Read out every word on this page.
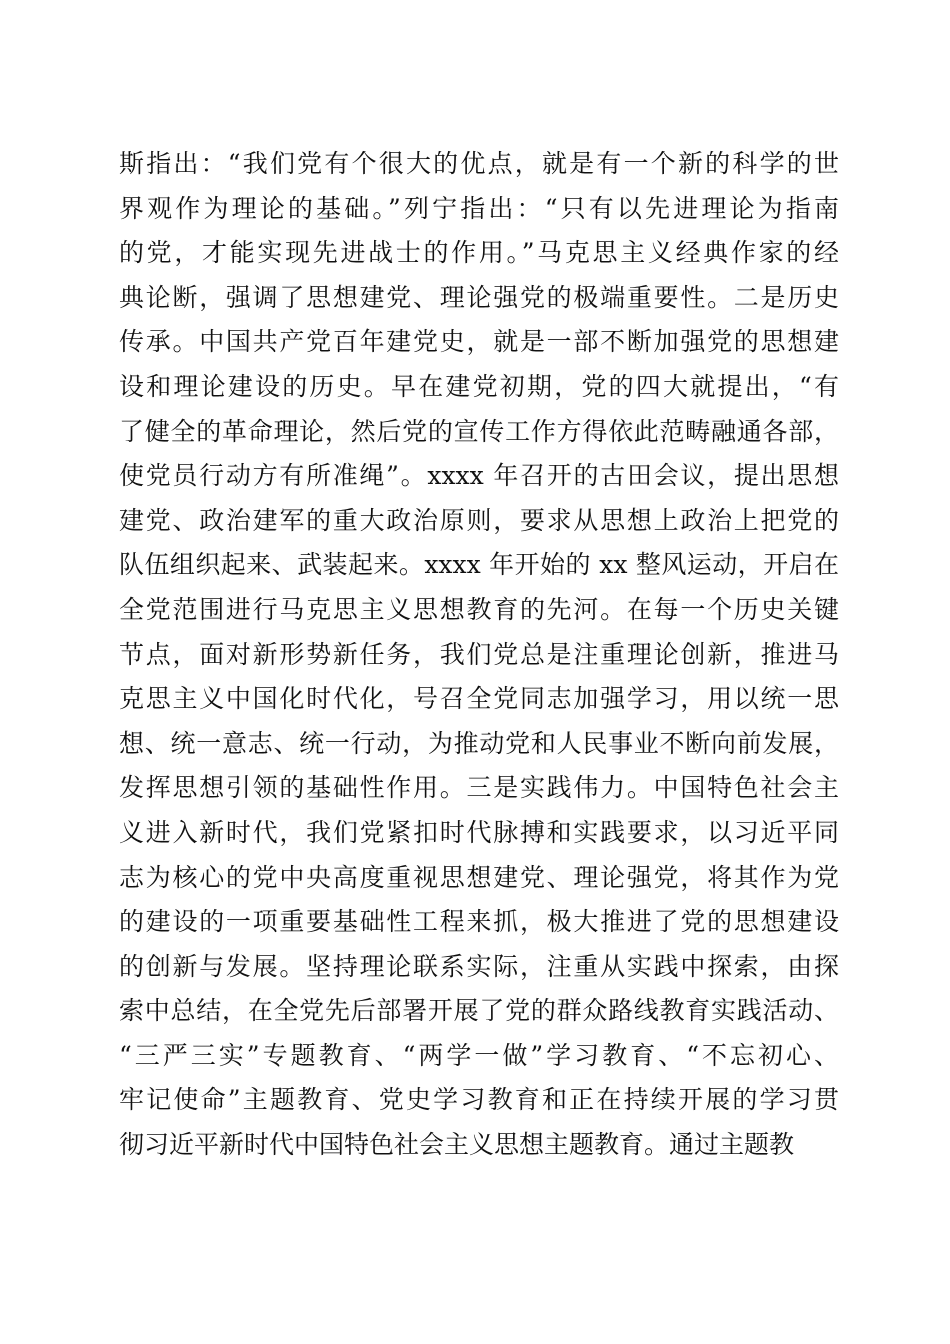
斯指出：“我们党有个很大的优点，就是有一个新的科学的世
界观作为理论的基础。”列宁指出：“只有以先进理论为指南
的党，才能实现先进战士的作用。”马克思主义经典作家的经
典论断，强调了思想建党、理论强党的极端重要性。二是历史
传承。中国共产党百年建党史，就是一部不断加强党的思想建
设和理论建设的历史。早在建党初期，党的四大就提出，“有
了健全的革命理论，然后党的宣传工作方得依此范畴融通各部，
使党员行动方有所准绳”。xxxx 年召开的古田会议，提出思想
建党、政治建军的重大政治原则，要求从思想上政治上把党的
队伍组织起来、武装起来。xxxx 年开始的 xx 整风运动，开启在
全党范围进行马克思主义思想教育的先河。在每一个历史关键
节点，面对新形势新任务，我们党总是注重理论创新，推进马
克思主义中国化时代化，号召全党同志加强学习，用以统一思
想、统一意志、统一行动，为推动党和人民事业不断向前发展，
发挥思想引领的基础性作用。三是实践伟力。中国特色社会主
义进入新时代，我们党紧扣时代脉搏和实践要求，以习近平同
志为核心的党中央高度重视思想建党、理论强党，将其作为党
的建设的一项重要基础性工程来抓，极大推进了党的思想建设
的创新与发展。坚持理论联系实际，注重从实践中探索，由探
索中总结，在全党先后部署开展了党的群众路线教育实践活动、
“三严三实”专题教育、“两学一做”学习教育、“不忘初心、
牢记使命”主题教育、党史学习教育和正在持续开展的学习贯
彻习近平新时代中国特色社会主义思想主题教育。通过主题教
